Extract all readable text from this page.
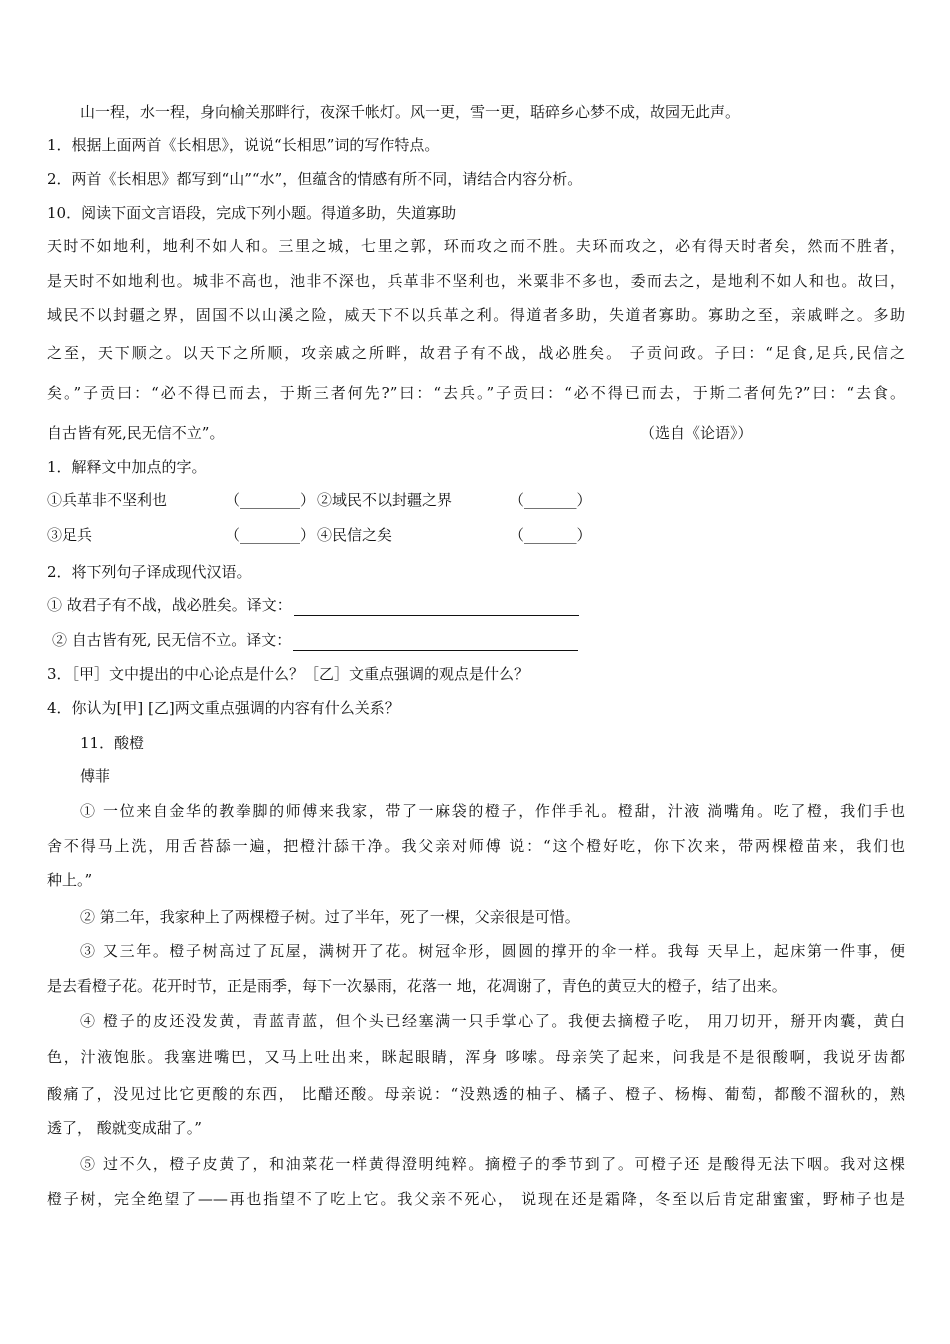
山一程，水一程，身向榆关那畔行，夜深千帐灯。风一更，雪一更，聒碎乡心梦不成，故园无此声。
1．根据上面两首《长相思》，说说“长相思”词的写作特点。
2．两首《长相思》都写到“山”“水”，但蕴含的情感有所不同，请结合内容分析。
10．阅读下面文言语段，完成下列小题。得道多助，失道寡助
天时不如地利，地利不如人和。三里之城，七里之郭，环而攻之而不胜。夫环而攻之，必有得天时者矣，然而不胜者，
是天时不如地利也。城非不高也，池非不深也，兵革非不坚利也，米粟非不多也，委而去之，是地利不如人和也。故曰，
域民不以封疆之界，固国不以山溪之险，威天下不以兵革之利。得道者多助，失道者寡助。寡助之至，亲戚畔之。多助
之至，天下顺之。以天下之所顺，攻亲戚之所畔，故君子有不战，战必胜矣。 子贡问政。子曰：“足食,足兵,民信之
矣。”子贡曰：“必不得已而去，于斯三者何先?”曰：“去兵。”子贡曰：“必不得已而去，于斯二者何先?”曰：“去食。
自古皆有死,民无信不立”。	（选自《论语》）
1．解释文中加点的字。
①兵革非不坚利也	（________） ②域民不以封疆之界	（_______）
③足兵	（________） ④民信之矣	（_______）
2．将下列句子译成现代汉语。
① 故君子有不战，战必胜矣。译文：
② 自古皆有死, 民无信不立。译文：
3．［甲］文中提出的中心论点是什么？［乙］文重点强调的观点是什么？
4．你认为[甲] [乙]两文重点强调的内容有什么关系？
11．酸橙
傅菲
① 一位来自金华的教拳脚的师傅来我家，带了一麻袋的橙子，作伴手礼。橙甜，汁液 淌嘴角。吃了橙，我们手也
舍不得马上洗，用舌苔舔一遍，把橙汁舔干净。我父亲对师傅 说：“这个橙好吃，你下次来，带两棵橙苗来，我们也
种上。”
② 第二年，我家种上了两棵橙子树。过了半年，死了一棵，父亲很是可惜。
③ 又三年。橙子树高过了瓦屋，满树开了花。树冠伞形，圆圆的撑开的伞一样。我每 天早上，起床第一件事，便
是去看橙子花。花开时节，正是雨季，每下一次暴雨，花落一 地，花凋谢了，青色的黄豆大的橙子，结了出来。
④ 橙子的皮还没发黄，青蓝青蓝，但个头已经塞满一只手掌心了。我便去摘橙子吃， 用刀切开，掰开肉囊，黄白
色，汁液饱胀。我塞进嘴巴，又马上吐出来，眯起眼睛，浑身 哆嗦。母亲笑了起来，问我是不是很酸啊，我说牙齿都
酸痛了，没见过比它更酸的东西， 比醋还酸。母亲说：“没熟透的柚子、橘子、橙子、杨梅、葡萄，都酸不溜秋的，熟
透了， 酸就变成甜了。”
⑤ 过不久，橙子皮黄了，和油菜花一样黄得澄明纯粹。摘橙子的季节到了。可橙子还 是酸得无法下咽。我对这棵
橙子树，完全绝望了——再也指望不了吃上它。我父亲不死心， 说现在还是霜降，冬至以后肯定甜蜜蜜，野柿子也是
